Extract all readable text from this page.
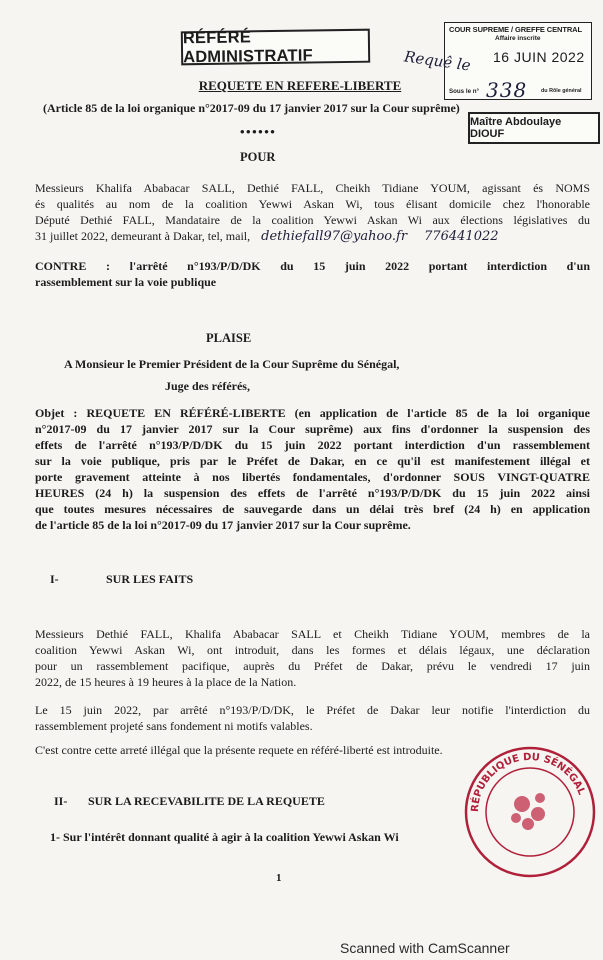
RÉFÉRÉ ADMINISTRATIF
COUR SUPREME / GREFFE CENTRAL
Affaire inscrite
16 JUIN 2022
Sous le n°	du Rôle général
Requê le
338
Maître Abdoulaye DIOUF
REQUETE EN REFERE-LIBERTE
(Article 85 de la loi organique n°2017-09 du 17 janvier 2017 sur la Cour suprême)
••••••
POUR
Messieurs Khalifa Ababacar SALL, Dethié FALL, Cheikh Tidiane YOUM, agissant és NOMS
és qualités au nom de la coalition Yewwi Askan Wi, tous élisant domicile chez l'honorable
Député Dethié FALL, Mandataire de la coalition Yewwi Askan Wi aux élections législatives du
31 juillet 2022, demeurant à Dakar, tel, mail, dethiefall97@yahoo.fr 776441022
CONTRE : l'arrêté n°193/P/D/DK du 15 juin 2022 portant interdiction d'un
rassemblement sur la voie publique
PLAISE
A Monsieur le Premier Président de la Cour Suprême du Sénégal,
Juge des référés,
Objet : REQUETE EN RÉFÉRÉ-LIBERTE (en application de l'article 85 de la loi organique
n°2017-09 du 17 janvier 2017 sur la Cour suprême) aux fins d'ordonner la suspension des
effets de l'arrêté n°193/P/D/DK du 15 juin 2022 portant interdiction d'un rassemblement
sur la voie publique, pris par le Préfet de Dakar, en ce qu'il est manifestement illégal et
porte gravement atteinte à nos libertés fondamentales, d'ordonner SOUS VINGT-QUATRE
HEURES (24 h) la suspension des effets de l'arrêté n°193/P/D/DK du 15 juin 2022 ainsi
que toutes mesures nécessaires de sauvegarde dans un délai très bref (24 h) en application
de l'article 85 de la loi n°2017-09 du 17 janvier 2017 sur la Cour suprême.
I-	SUR LES FAITS
Messieurs Dethié FALL, Khalifa Ababacar SALL et Cheikh Tidiane YOUM, membres de la
coalition Yewwi Askan Wi, ont introduit, dans les formes et délais légaux, une déclaration
pour un rassemblement pacifique, auprès du Préfet de Dakar, prévu le vendredi 17 juin
2022, de 15 heures à 19 heures à la place de la Nation.
Le 15 juin 2022, par arrêté n°193/P/D/DK, le Préfet de Dakar leur notifie l'interdiction du
rassemblement projeté sans fondement ni motifs valables.
C'est contre cette arreté illégal que la présente requete en référé-liberté est introduite.
II- SUR LA RECEVABILITE DE LA REQUETE
1- Sur l'intérêt donnant qualité à agir à la coalition Yewwi Askan Wi
RÉPUBLIQUE DU SÉNÉGAL
1
Scanned with CamScanner
